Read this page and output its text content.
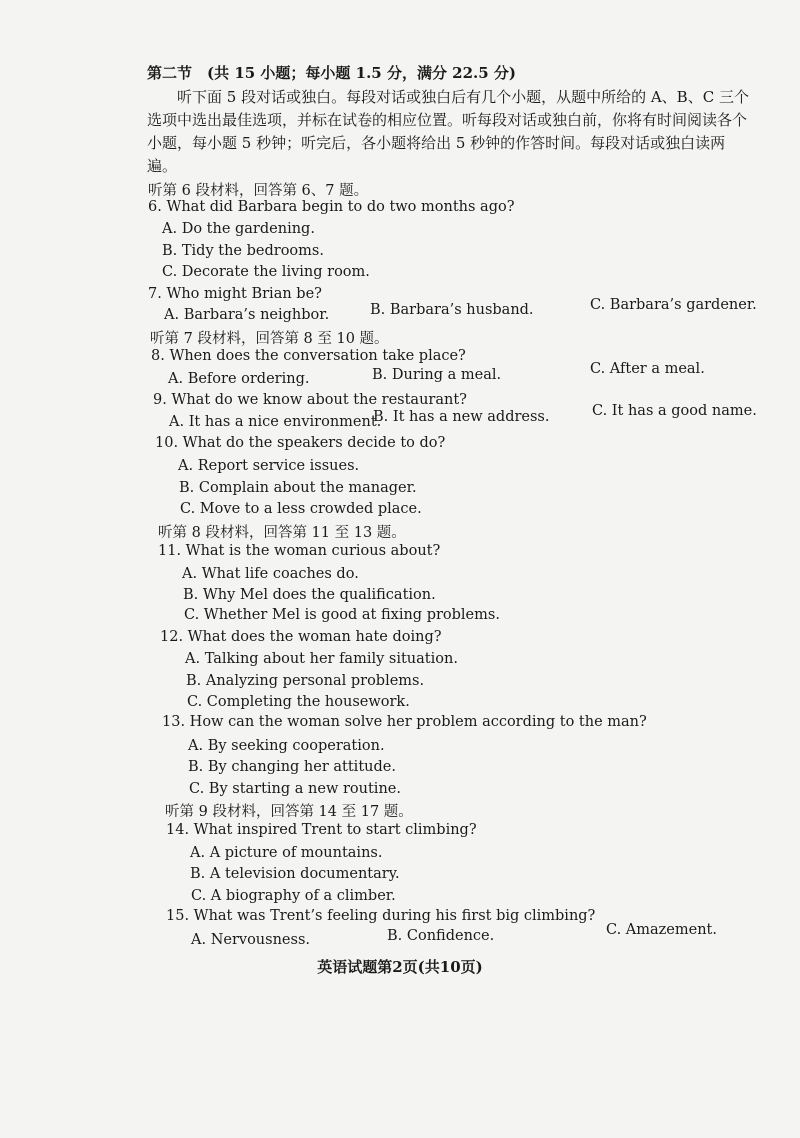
第二节　(共 15 小题；每小题 1.5 分，满分 22.5 分)
听下面 5 段对话或独白。每段对话或独白后有几个小题，从题中所给的 A、B、C 三个选项中选出最佳选项，并标在试卷的相应位置。听每段对话或独白前，你将有时间阅读各个小题，每小题 5 秒钟；听完后，各小题将给出 5 秒钟的作答时间。每段对话或独白读两遍。
听第 6 段材料，回答第 6、7 题。
6. What did Barbara begin to do two months ago?
A. Do the gardening.
B. Tidy the bedrooms.
C. Decorate the living room.
7. Who might Brian be?
A. Barbara’s neighbor.	B. Barbara’s husband.	C. Barbara’s gardener.
听第 7 段材料，回答第 8 至 10 题。
8. When does the conversation take place?
A. Before ordering.	B. During a meal.	C. After a meal.
9. What do we know about the restaurant?
A. It has a nice environment.
B. It has a new address.	C. It has a good name.
10. What do the speakers decide to do?
A. Report service issues.
B. Complain about the manager.
C. Move to a less crowded place.
听第 8 段材料，回答第 11 至 13 题。
11. What is the woman curious about?
A. What life coaches do.
B. Why Mel does the qualification.
C. Whether Mel is good at fixing problems.
12. What does the woman hate doing?
A. Talking about her family situation.
B. Analyzing personal problems.
C. Completing the housework.
13. How can the woman solve her problem according to the man?
A. By seeking cooperation.
B. By changing her attitude.
C. By starting a new routine.
听第 9 段材料，回答第 14 至 17 题。
14. What inspired Trent to start climbing?
A. A picture of mountains.
B. A television documentary.
C. A biography of a climber.
15. What was Trent’s feeling during his first big climbing?
A. Nervousness.	B. Confidence.	C. Amazement.
英语试题第2页(共10页)
